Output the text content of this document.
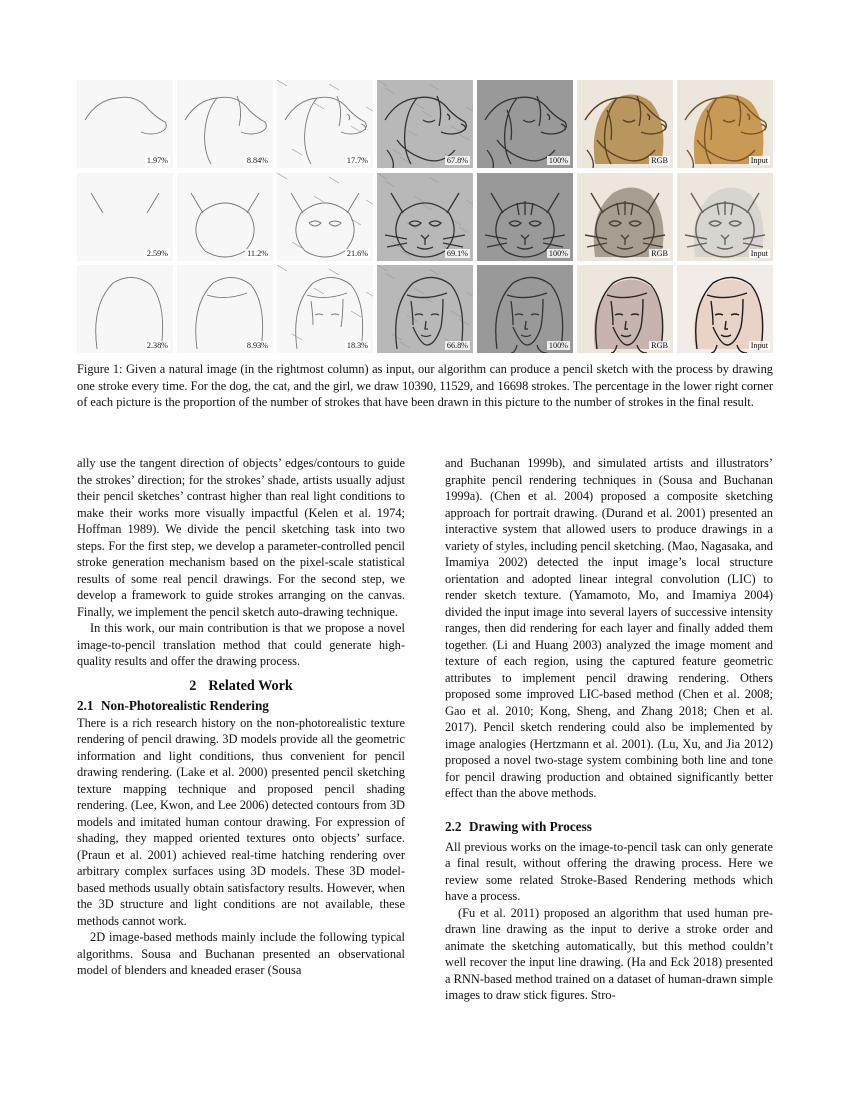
1.97%	8.84%	17.7%	67.8%	100%	RGB	Input
2.59%	11.2%	21.6%	69.1%	100%	RGB	Input
2.38%	8.93%	18.3%	66.8%	100%	RGB	Input

Figure 1: Given a natural image (in the rightmost column) as input, our algorithm can produce a pencil sketch with the process by drawing one stroke every time. For the dog, the cat, and the girl, we draw 10390, 11529, and 16698 strokes. The percentage in the lower right corner of each picture is the proportion of the number of strokes that have been drawn in this picture to the number of strokes in the final result.

ally use the tangent direction of objects’ edges/contours to guide the strokes’ direction; for the strokes’ shade, artists usually adjust their pencil sketches’ contrast higher than real light conditions to make their works more visually impactful (Kelen et al. 1974; Hoffman 1989). We divide the pencil sketching task into two steps. For the first step, we develop a parameter-controlled pencil stroke generation mechanism based on the pixel-scale statistical results of some real pencil drawings. For the second step, we develop a framework to guide strokes arranging on the canvas. Finally, we implement the pencil sketch auto-drawing technique.

In this work, our main contribution is that we propose a novel image-to-pencil translation method that could generate high-quality results and offer the drawing process.

2 Related Work
2.1 Non-Photorealistic Rendering

There is a rich research history on the non-photorealistic texture rendering of pencil drawing. 3D models provide all the geometric information and light conditions, thus convenient for pencil drawing rendering. (Lake et al. 2000) presented pencil sketching texture mapping technique and proposed pencil shading rendering. (Lee, Kwon, and Lee 2006) detected contours from 3D models and imitated human contour drawing. For expression of shading, they mapped oriented textures onto objects’ surface. (Praun et al. 2001) achieved real-time hatching rendering over arbitrary complex surfaces using 3D models. These 3D model-based methods usually obtain satisfactory results. However, when the 3D structure and light conditions are not available, these methods cannot work.

2D image-based methods mainly include the following typical algorithms. Sousa and Buchanan presented an observational model of blenders and kneaded eraser (Sousa

and Buchanan 1999b), and simulated artists and illustrators’ graphite pencil rendering techniques in (Sousa and Buchanan 1999a). (Chen et al. 2004) proposed a composite sketching approach for portrait drawing. (Durand et al. 2001) presented an interactive system that allowed users to produce drawings in a variety of styles, including pencil sketching. (Mao, Nagasaka, and Imamiya 2002) detected the input image’s local structure orientation and adopted linear integral convolution (LIC) to render sketch texture. (Yamamoto, Mo, and Imamiya 2004) divided the input image into several layers of successive intensity ranges, then did rendering for each layer and finally added them together. (Li and Huang 2003) analyzed the image moment and texture of each region, using the captured feature geometric attributes to implement pencil drawing rendering. Others proposed some improved LIC-based method (Chen et al. 2008; Gao et al. 2010; Kong, Sheng, and Zhang 2018; Chen et al. 2017). Pencil sketch rendering could also be implemented by image analogies (Hertzmann et al. 2001). (Lu, Xu, and Jia 2012) proposed a novel two-stage system combining both line and tone for pencil drawing production and obtained significantly better effect than the above methods.

2.2 Drawing with Process

All previous works on the image-to-pencil task can only generate a final result, without offering the drawing process. Here we review some related Stroke-Based Rendering methods which have a process.

(Fu et al. 2011) proposed an algorithm that used human pre-drawn line drawing as the input to derive a stroke order and animate the sketching automatically, but this method couldn’t well recover the input line drawing. (Ha and Eck 2018) presented a RNN-based method trained on a dataset of human-drawn simple images to draw stick figures. Stro-
